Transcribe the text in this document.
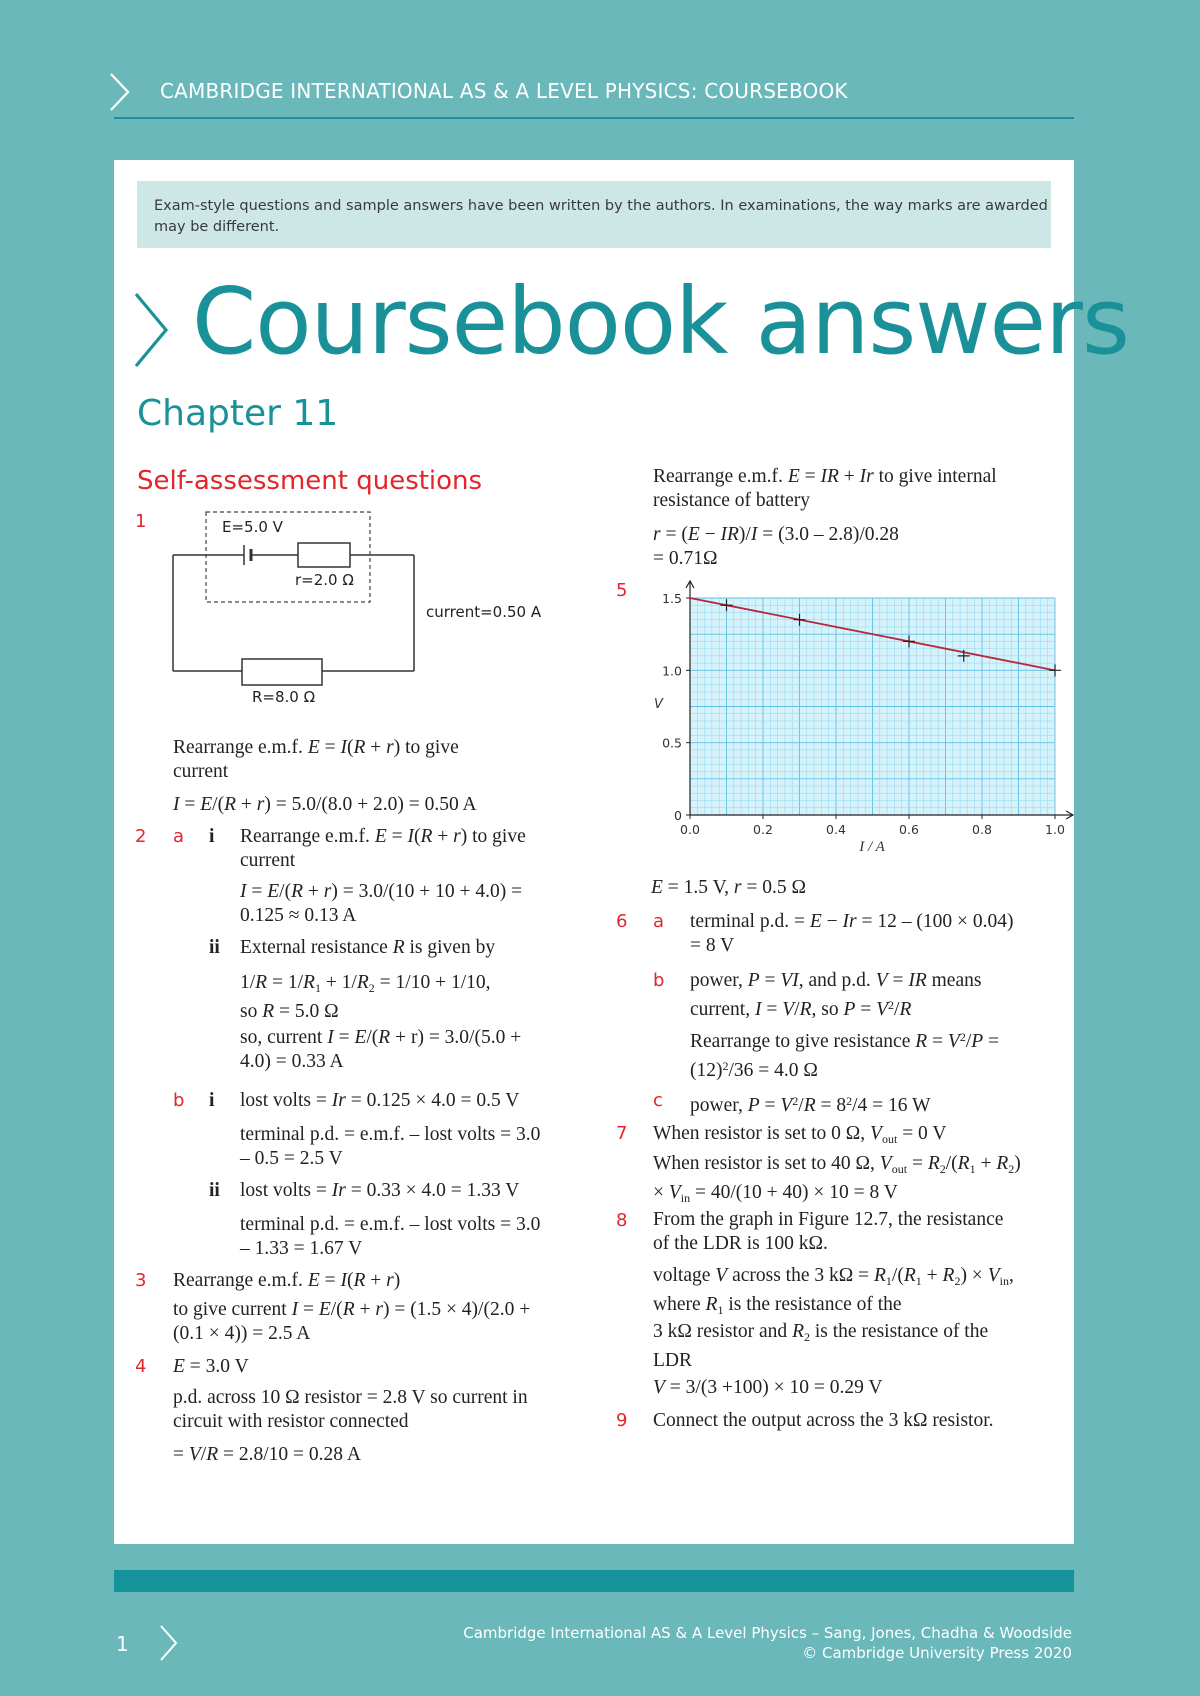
CAMBRIDGE INTERNATIONAL AS & A LEVEL PHYSICS: COURSEBOOK
Exam-style questions and sample answers have been written by the authors. In examinations, the way marks are awarded may be different.
Coursebook answers
Chapter 11
Self-assessment questions
1	E=5.0 V
r=2.0 Ω
current=0.50 A
R=8.0 Ω
Rearrange e.m.f. E = I(R + r) to give
current
I = E/(R + r) = 5.0/(8.0 + 2.0) = 0.50 A
2 a i Rearrange e.m.f. E = I(R + r) to give
current
I = E/(R + r) = 3.0/(10 + 10 + 4.0) =
0.125 ≈ 0.13 A
ii External resistance R is given by
$1/R = 1/R_1 + 1/R_2 = 1/10 + 1/10$,
so R = 5.0 Ω
so, current I = E/(R + r) = 3.0/(5.0 +
4.0) = 0.33 A
b i lost volts = Ir = 0.125 × 4.0 = 0.5 V
terminal p.d. = e.m.f. – lost volts = 3.0
– 0.5 = 2.5 V
ii lost volts = Ir = 0.33 × 4.0 = 1.33 V
terminal p.d. = e.m.f. – lost volts = 3.0
– 1.33 = 1.67 V
3 Rearrange e.m.f. E = I(R + r)
to give current I = E/(R + r) = (1.5 × 4)/(2.0 +
(0.1 × 4)) = 2.5 A
4 E = 3.0 V
p.d. across 10 Ω resistor = 2.8 V so current in
circuit with resistor connected
= V/R = 2.8/10 = 0.28 A
Rearrange e.m.f. E = IR + Ir to give internal
resistance of battery
r = (E − IR)/I = (3.0 – 2.8)/0.28
= 0.71Ω
5
0
0.5
1.0
1.5
0.0	0.2	0.4	0.6	0.8	1.0
V
I / A
E = 1.5 V, r = 0.5 Ω
6 a terminal p.d. = E − Ir = 12 – (100 × 0.04)
= 8 V
b power, P = VI, and p.d. V = IR means
current, I = V/R, so $P = V^2/R$
Rearrange to give resistance $R = V^2/P$ =
$(12)^2/36 = 4.0$ Ω
c power, $P = V^2/R = 8^2/4 = 16$ W
7 When resistor is set to 0 Ω, $V_{out} = 0$ V
When resistor is set to 40 Ω, $V_{out} = R_2/(R_1 + R_2)$
× $V_{in} = 40/(10 + 40) \times 10 = 8$ V
8 From the graph in Figure 12.7, the resistance
of the LDR is 100 kΩ.
voltage V across the 3 $k\Omega = R_1/(R_1 + R_2) \times V_{in}$,
where $R_1$ is the resistance of the
3 kΩ resistor and $R_2$ is the resistance of the
LDR
V = 3/(3 +100) × 10 = 0.29 V
9 Connect the output across the 3 kΩ resistor.
1	Cambridge International AS & A Level Physics – Sang, Jones, Chadha & Woodside
© Cambridge University Press 2020
